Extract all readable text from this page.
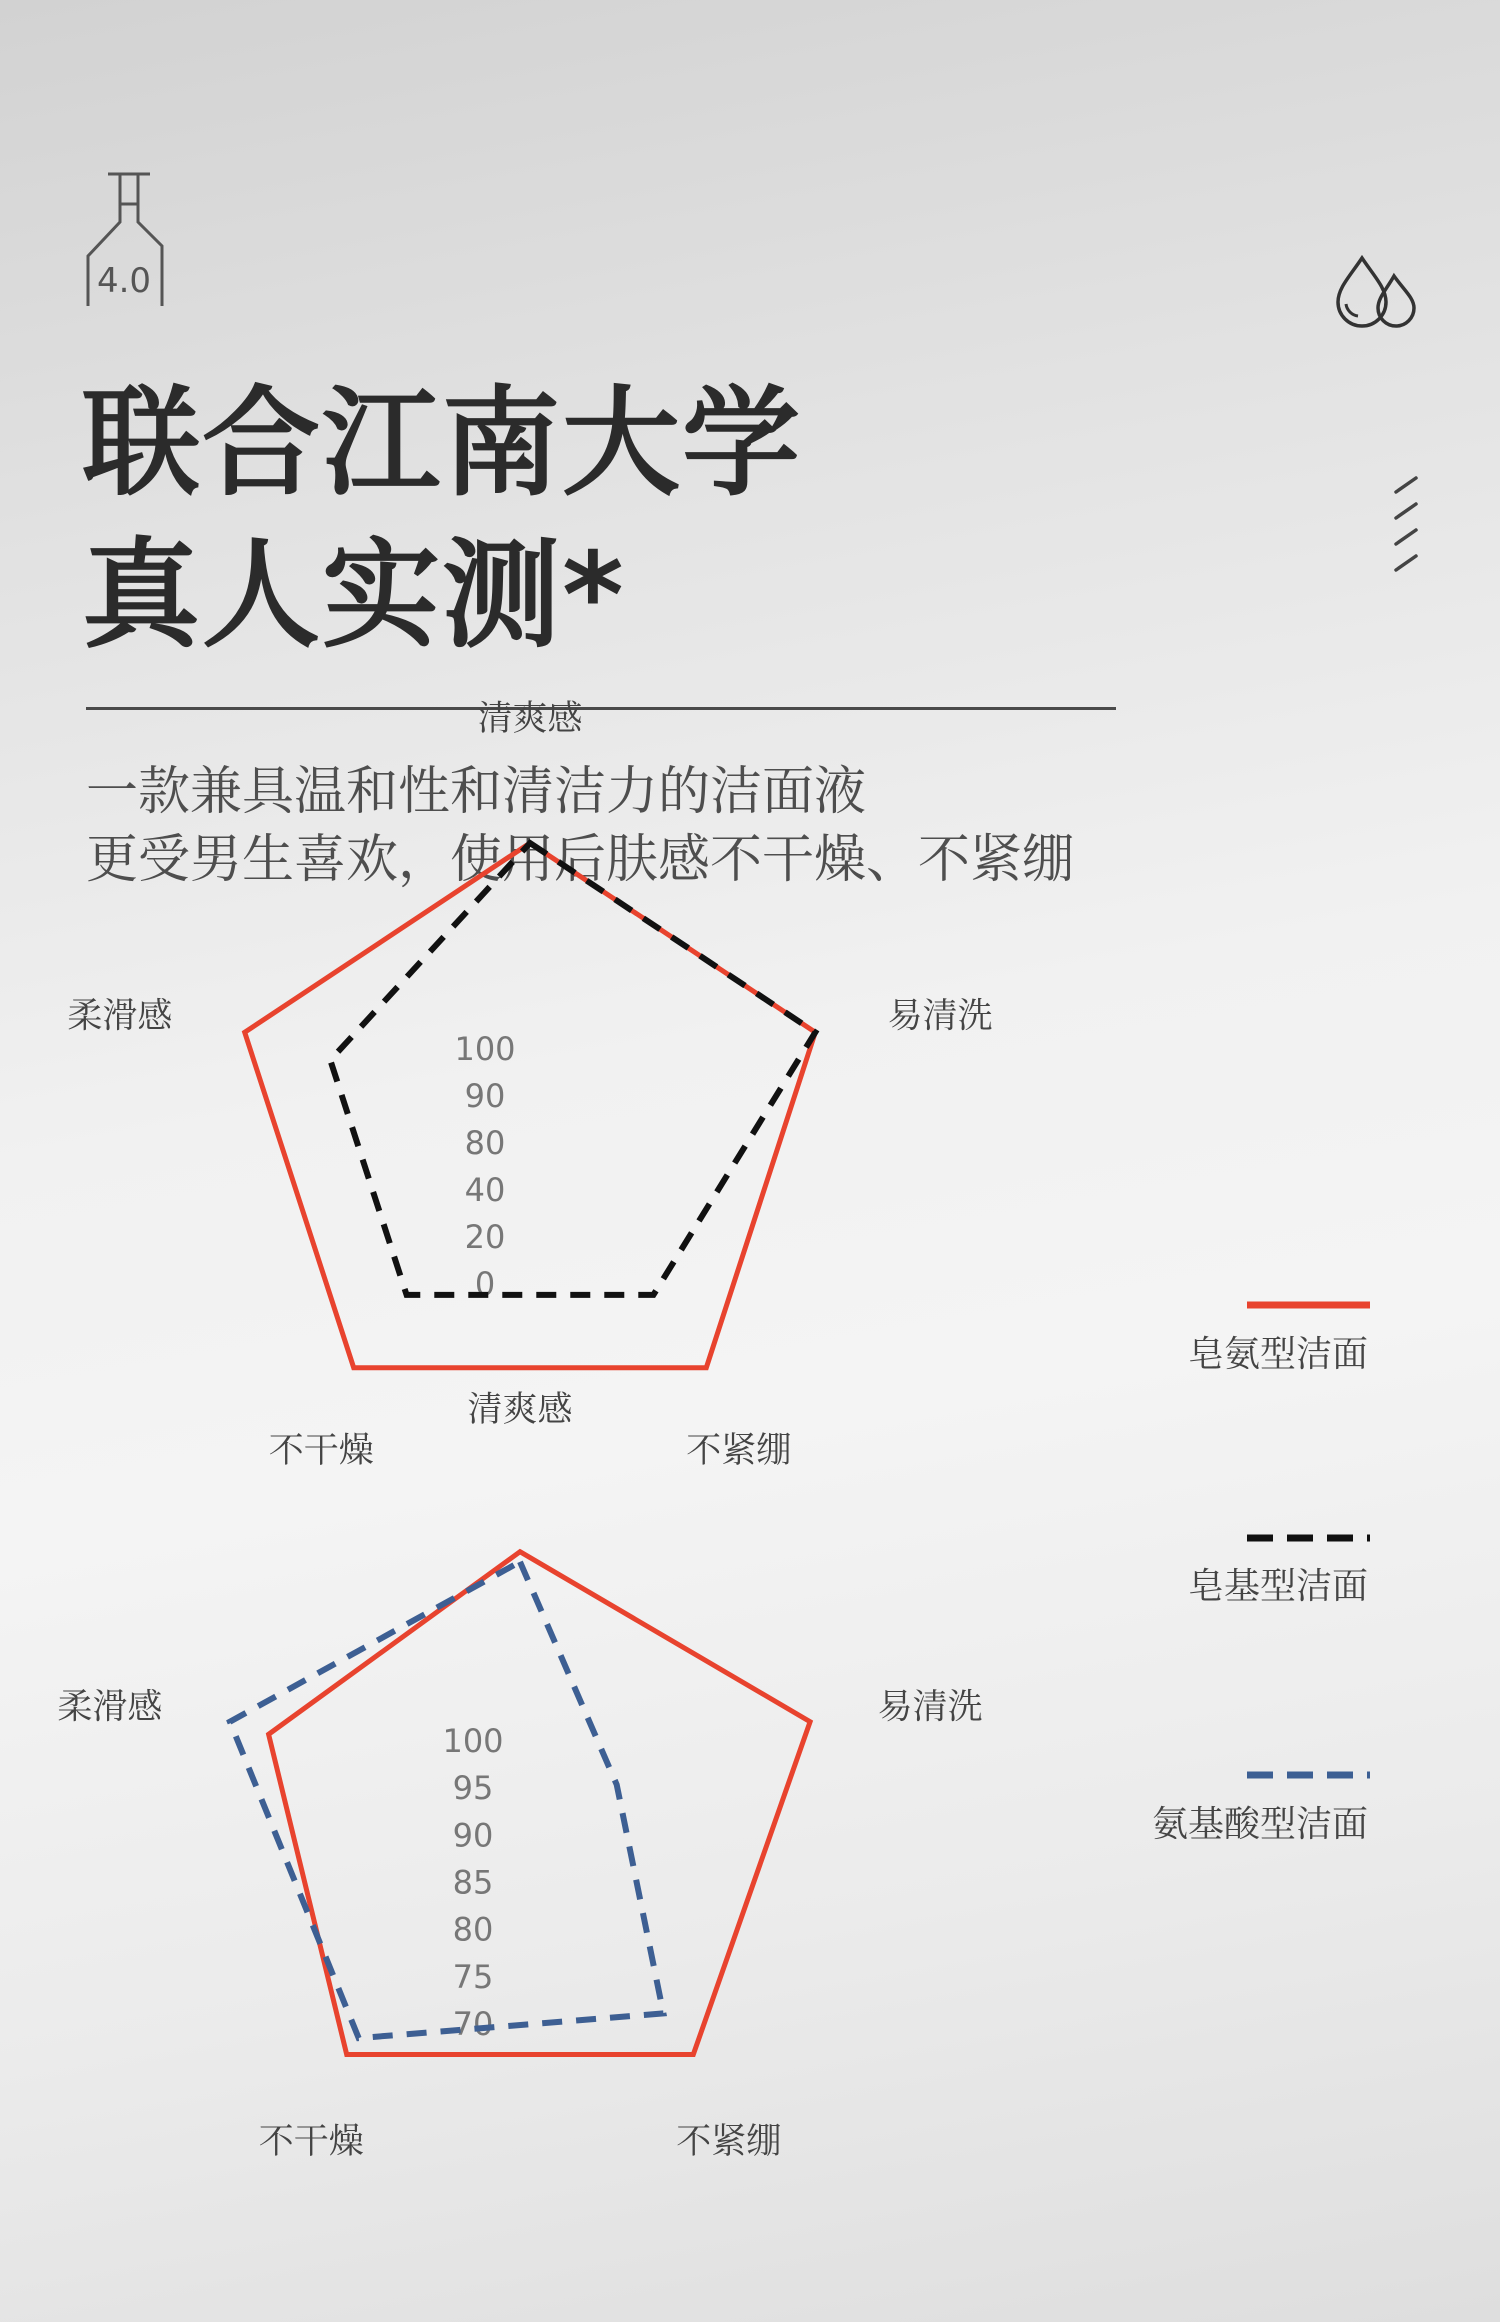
4.0
联合江南大学
真人实测*
一款兼具温和性和清洁力的洁面液
更受男生喜欢，使用后肤感不干燥、不紧绷
清爽感
易清洗
不紧绷
不干燥
柔滑感
0
20
40
80
90
100
清爽感
易清洗
不紧绷
不干燥
柔滑感
70
75
80
85
90
95
100
皂氨型洁面
皂基型洁面
氨基酸型洁面
